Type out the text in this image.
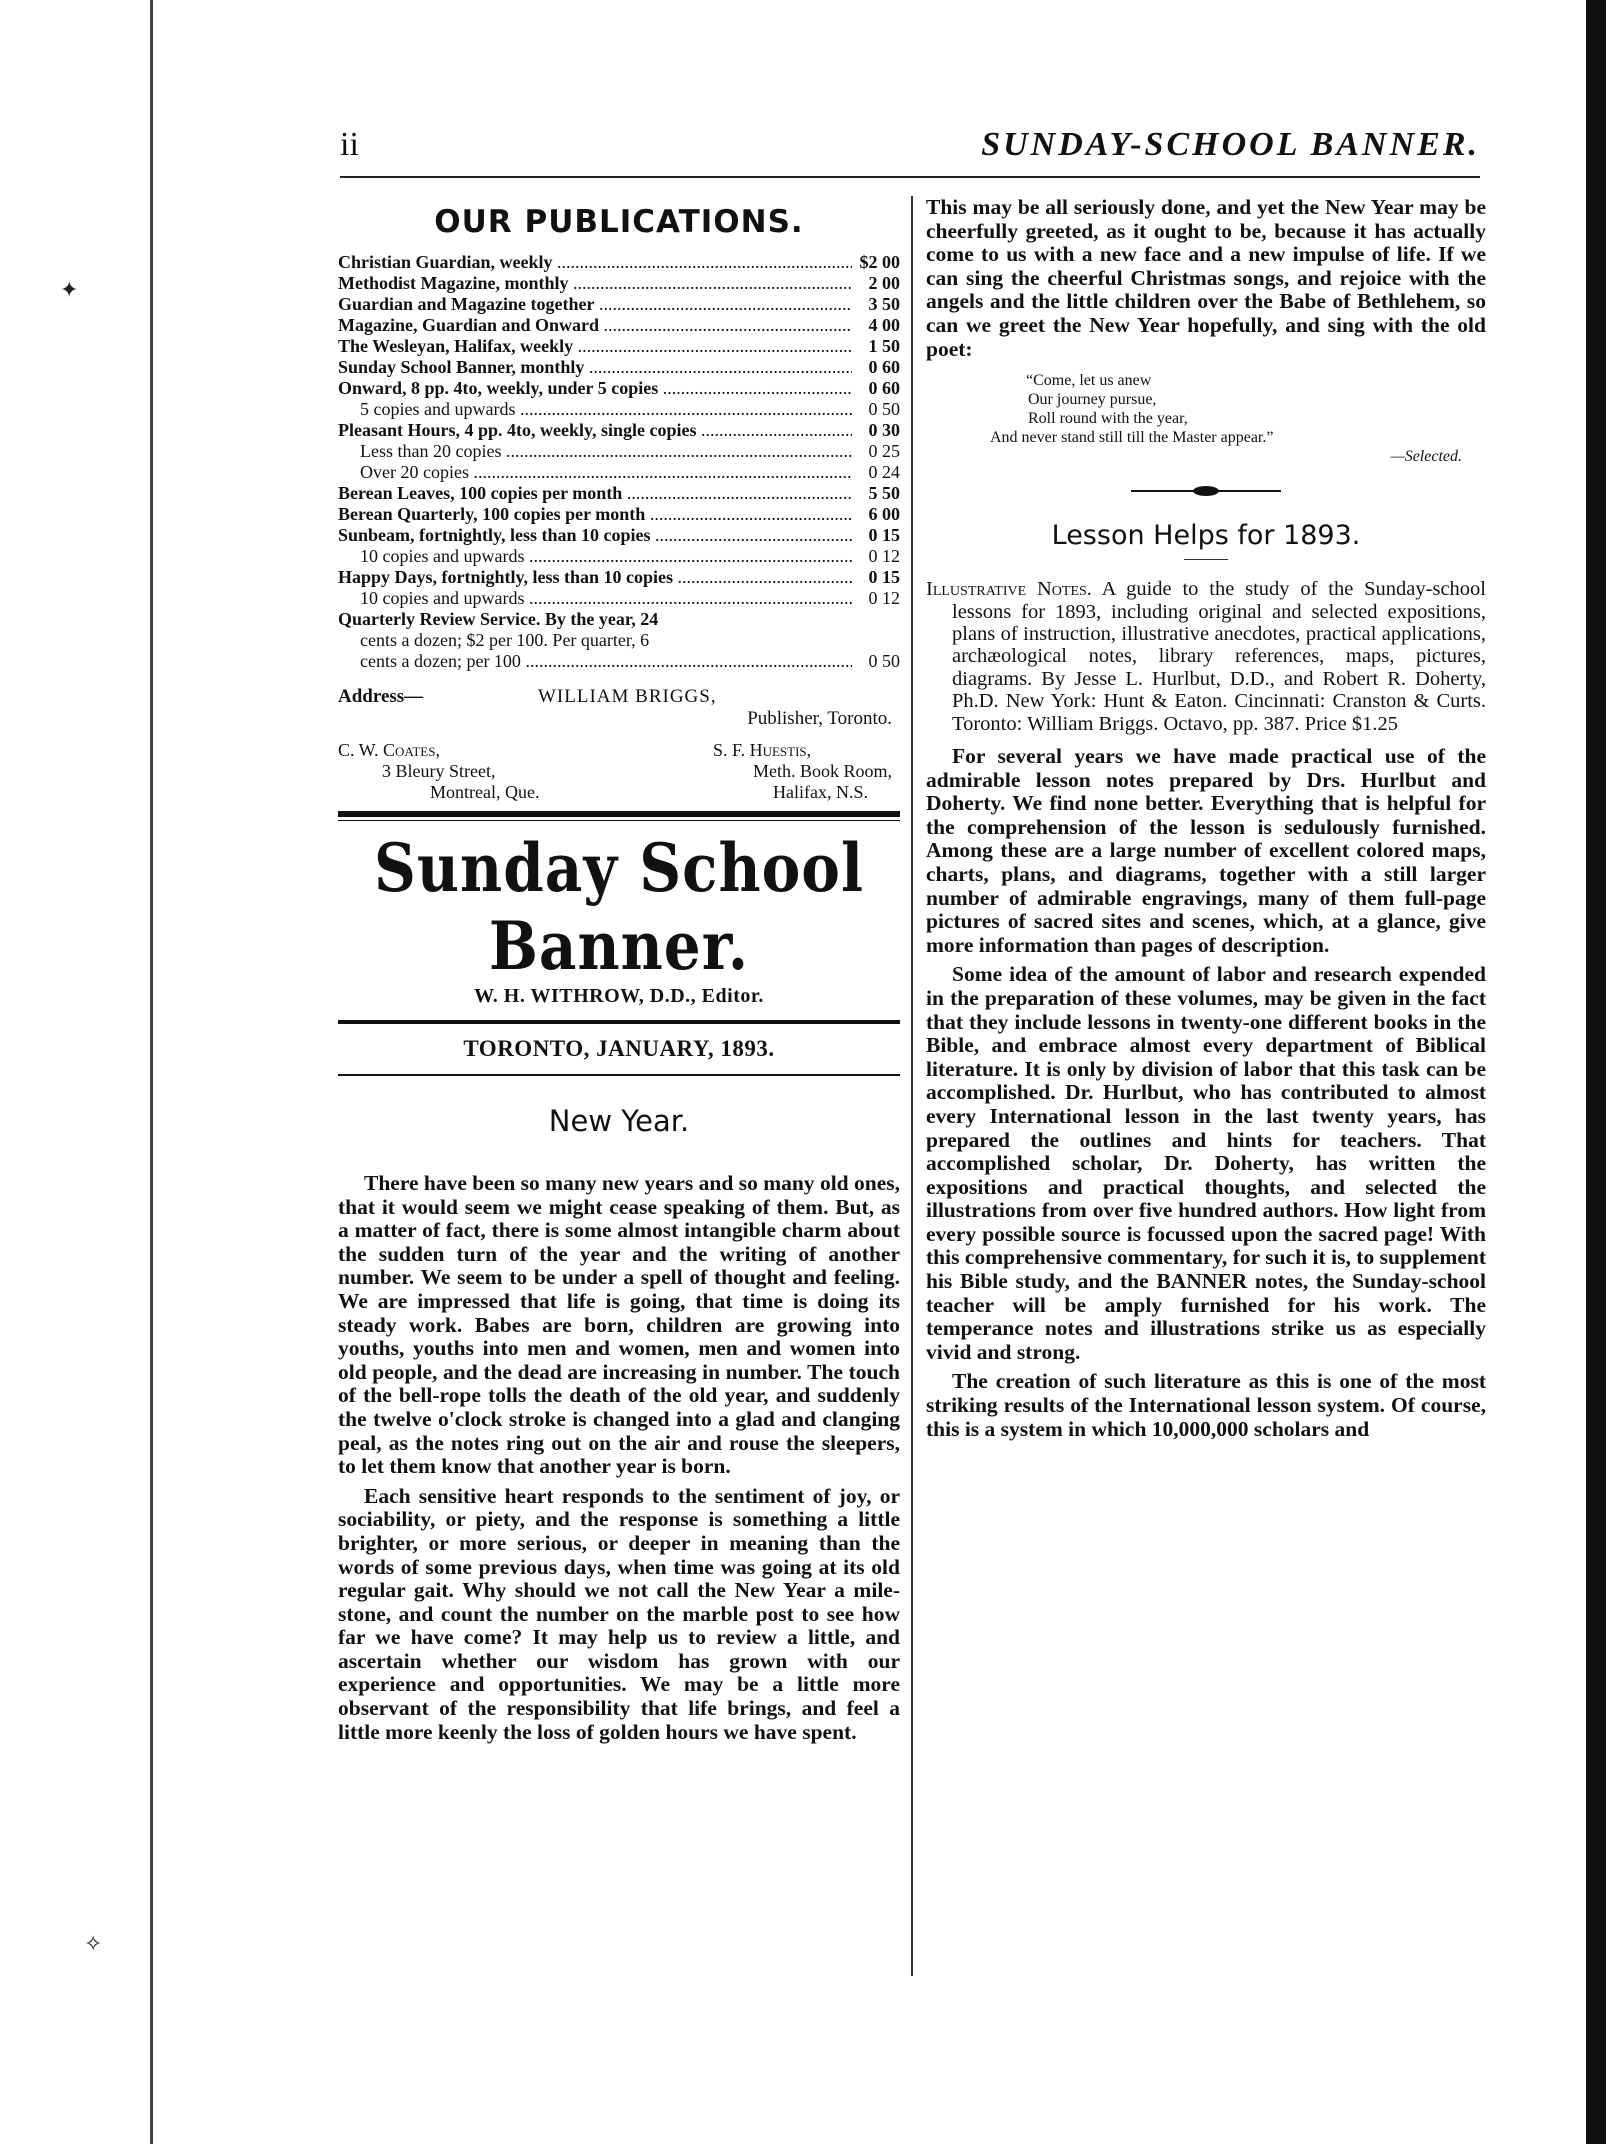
✦
✧
ii	SUNDAY-SCHOOL BANNER.
OUR PUBLICATIONS.
Christian Guardian, weekly .....	$2 00
Methodist Magazine, monthly .....	2 00
Guardian and Magazine together .....	3 50
Magazine, Guardian and Onward .....	4 00
The Wesleyan, Halifax, weekly .....	1 50
Sunday School Banner, monthly .....	0 60
Onward, 8 pp. 4to, weekly, under 5 copies .....	0 60
5 copies and upwards .....	0 50
Pleasant Hours, 4 pp. 4to, weekly, single copies .....	0 30
Less than 20 copies .....	0 25
Over 20 copies .....	0 24
Berean Leaves, 100 copies per month .....	5 50
Berean Quarterly, 100 copies per month .....	6 00
Sunbeam, fortnightly, less than 10 copies .....	0 15
10 copies and upwards .....	0 12
Happy Days, fortnightly, less than 10 copies .....	0 15
10 copies and upwards .....	0 12
Quarterly Review Service. By the year, 24
cents a dozen; $2 per 100. Per quarter, 6
cents a dozen; per 100 .....	0 50
Address—	WILLIAM BRIGGS,
Publisher, Toronto.
C. W. Coates,
3 Bleury Street,
Montreal, Que.
S. F. Huestis,
Meth. Book Room,
Halifax, N.S.
Sunday School Banner.
W. H. WITHROW, D.D., Editor.
TORONTO, JANUARY, 1893.
New Year.

There have been so many new years and so many old ones, that it would seem we might cease speaking of them. But, as a matter of fact, there is some almost intangible charm about the sudden turn of the year and the writing of another number. We seem to be under a spell of thought and feeling. We are impressed that life is going, that time is doing its steady work. Babes are born, children are growing into youths, youths into men and women, men and women into old people, and the dead are increasing in number. The touch of the bell-rope tolls the death of the old year, and suddenly the twelve o'clock stroke is changed into a glad and clanging peal, as the notes ring out on the air and rouse the sleepers, to let them know that another year is born.

Each sensitive heart responds to the sentiment of joy, or sociability, or piety, and the response is something a little brighter, or more serious, or deeper in meaning than the words of some previous days, when time was going at its old regular gait. Why should we not call the New Year a mile-stone, and count the number on the marble post to see how far we have come? It may help us to review a little, and ascertain whether our wisdom has grown with our experience and opportunities. We may be a little more observant of the responsibility that life brings, and feel a little more keenly the loss of golden hours we have spent.

This may be all seriously done, and yet the New Year may be cheerfully greeted, as it ought to be, because it has actually come to us with a new face and a new impulse of life. If we can sing the cheerful Christmas songs, and rejoice with the angels and the little children over the Babe of Bethlehem, so can we greet the New Year hopefully, and sing with the old poet:

“Come, let us anew
Our journey pursue,
Roll round with the year,
And never stand still till the Master appear.”
—Selected.
Lesson Helps for 1893.
Illustrative Notes. A guide to the study of the Sunday-school lessons for 1893, including original and selected expositions, plans of instruction, illustrative anecdotes, practical applications, archæological notes, library references, maps, pictures, diagrams. By Jesse L. Hurlbut, D.D., and Robert R. Doherty, Ph.D. New York: Hunt & Eaton. Cincinnati: Cranston & Curts. Toronto: William Briggs. Octavo, pp. 387. Price $1.25

For several years we have made practical use of the admirable lesson notes prepared by Drs. Hurlbut and Doherty. We find none better. Everything that is helpful for the comprehension of the lesson is sedulously furnished. Among these are a large number of excellent colored maps, charts, plans, and diagrams, together with a still larger number of admirable engravings, many of them full-page pictures of sacred sites and scenes, which, at a glance, give more information than pages of description.

Some idea of the amount of labor and research expended in the preparation of these volumes, may be given in the fact that they include lessons in twenty-one different books in the Bible, and embrace almost every department of Biblical literature. It is only by division of labor that this task can be accomplished. Dr. Hurlbut, who has contributed to almost every International lesson in the last twenty years, has prepared the outlines and hints for teachers. That accomplished scholar, Dr. Doherty, has written the expositions and practical thoughts, and selected the illustrations from over five hundred authors. How light from every possible source is focussed upon the sacred page! With this comprehensive commentary, for such it is, to supplement his Bible study, and the BANNER notes, the Sunday-school teacher will be amply furnished for his work. The temperance notes and illustrations strike us as especially vivid and strong.

The creation of such literature as this is one of the most striking results of the International lesson system. Of course, this is a system in which 10,000,000 scholars and
